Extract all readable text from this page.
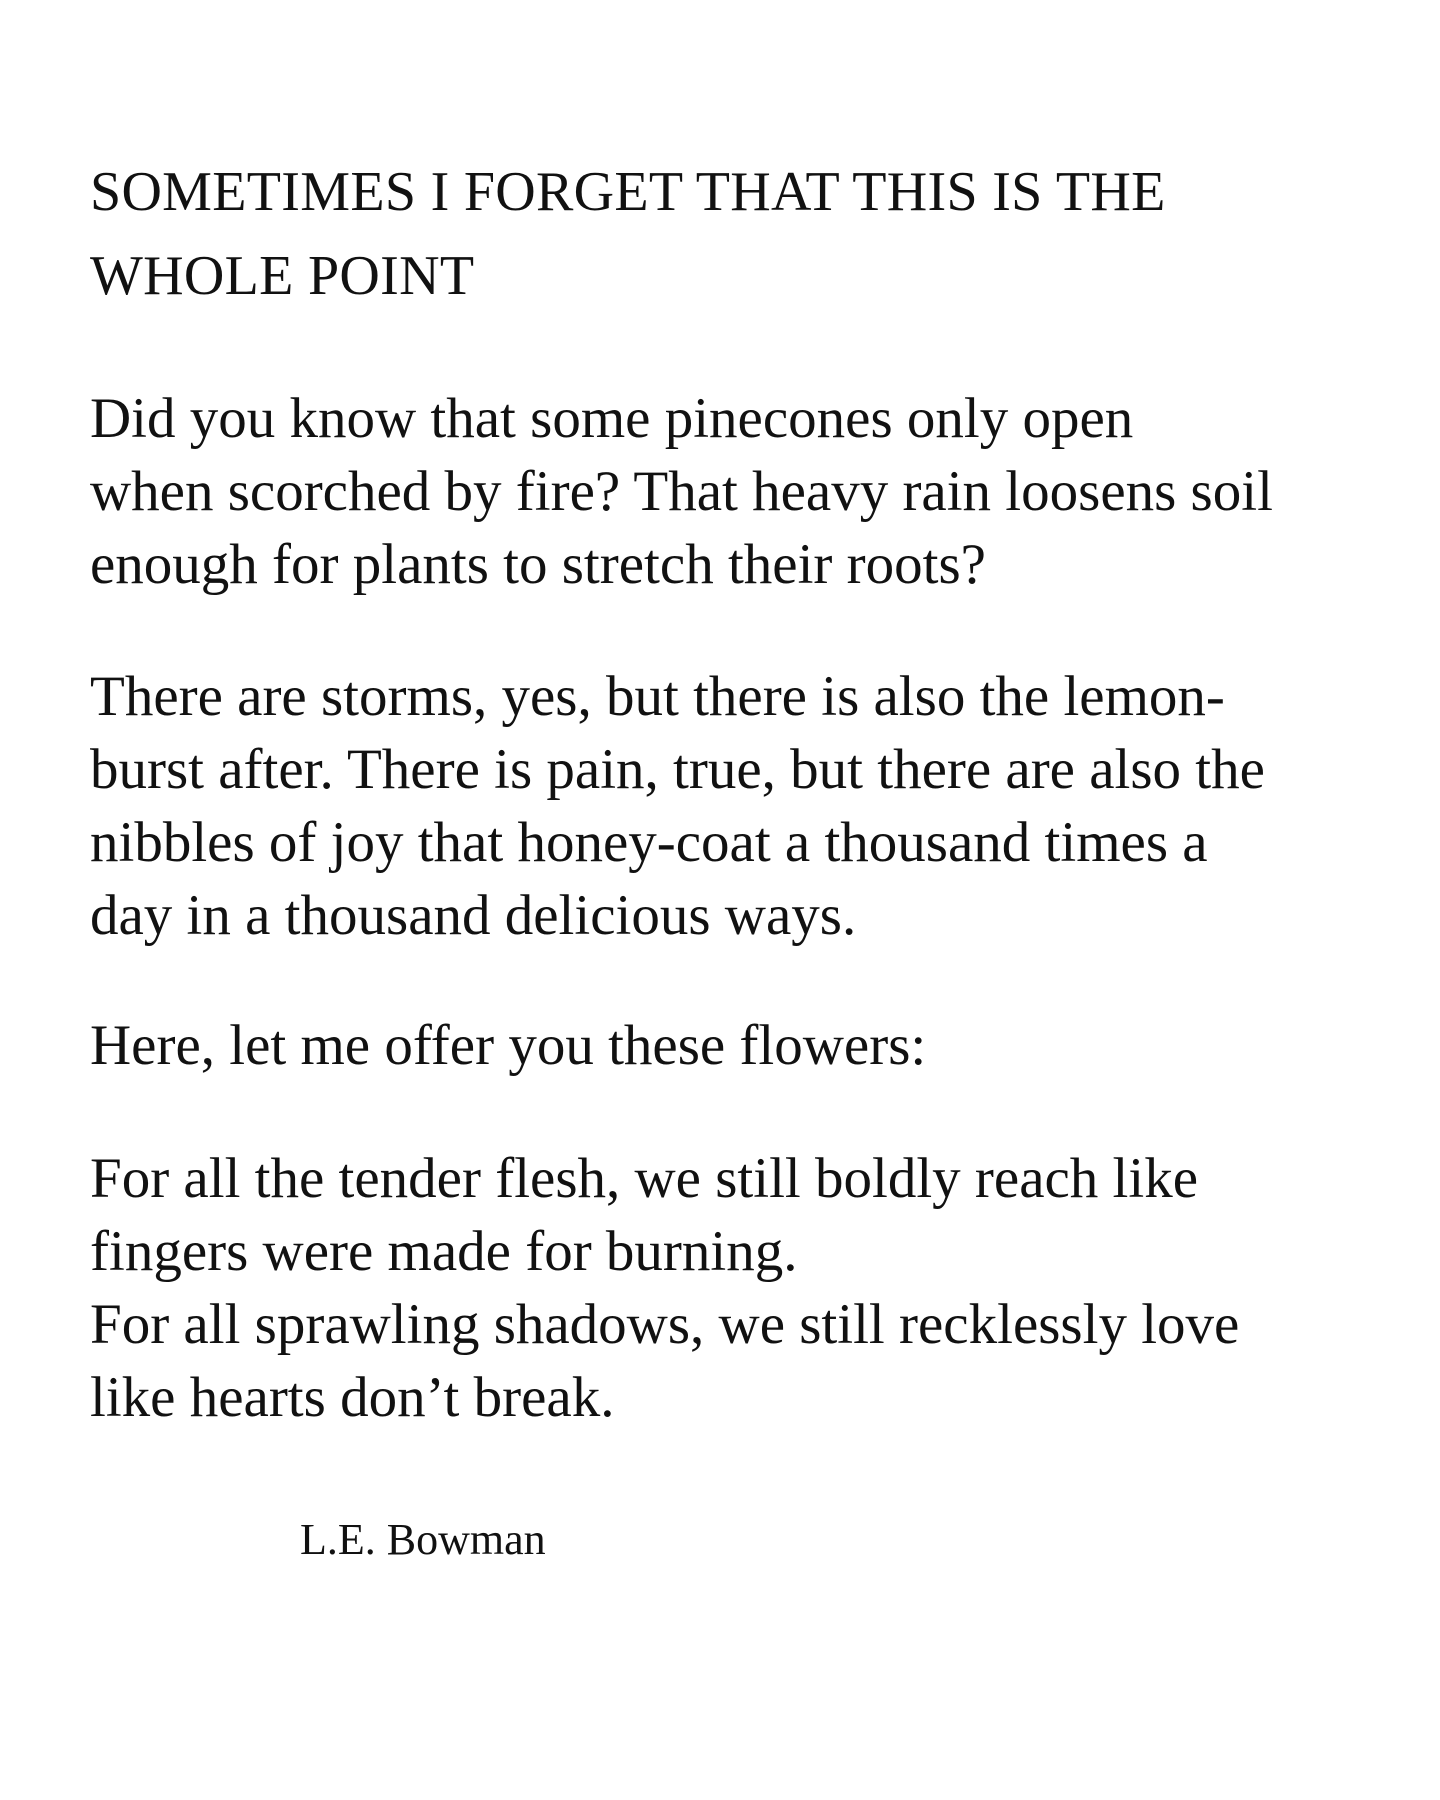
SOMETIMES I FORGET THAT THIS IS THE
WHOLE POINT

Did you know that some pinecones only open
when scorched by fire? That heavy rain loosens soil
enough for plants to stretch their roots?

There are storms, yes, but there is also the lemon-
burst after. There is pain, true, but there are also the
nibbles of joy that honey-coat a thousand times a
day in a thousand delicious ways.

Here, let me offer you these flowers:

For all the tender flesh, we still boldly reach like
fingers were made for burning.
For all sprawling shadows, we still recklessly love
like hearts don’t break.

L.E. Bowman
